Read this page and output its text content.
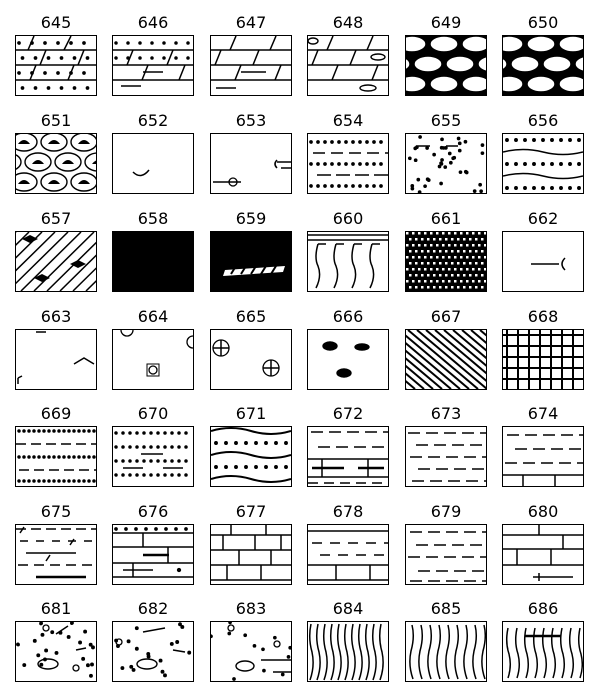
645	646	647	648	649	650
651	652	653	654	655	656
657	658	659	660	661	662
663	664	665	666	667	668
669	670	671	672	673	674
675	676	677	678	679	680
681	682	683	684	685	686
